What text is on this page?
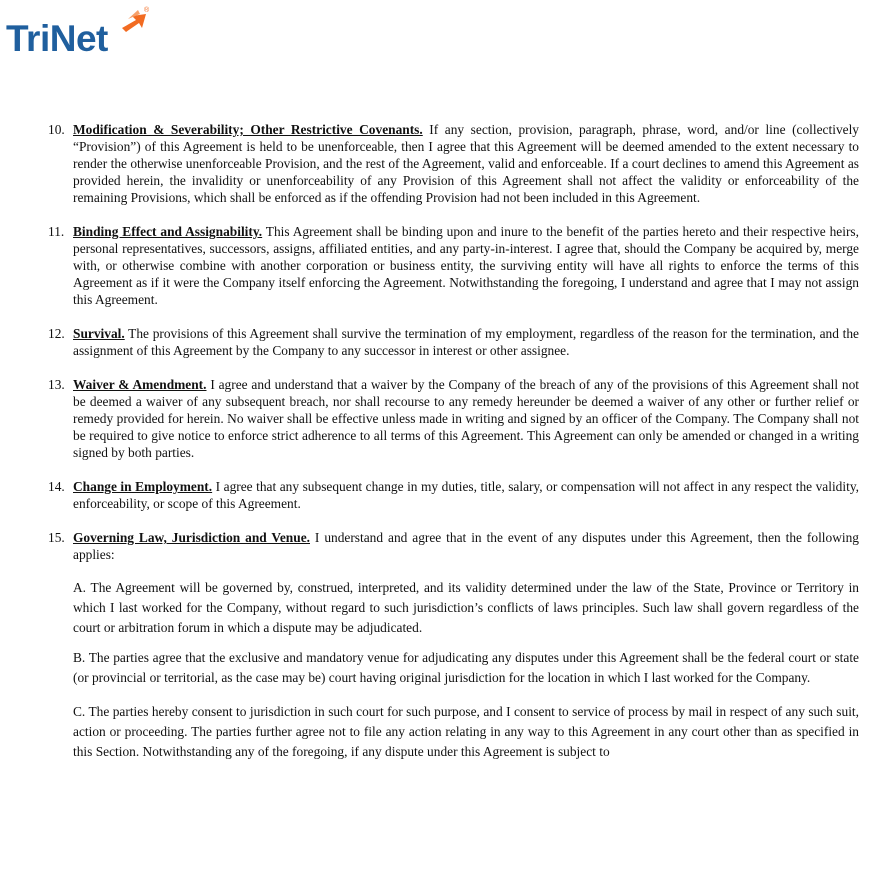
TriNet
®
10. Modification & Severability; Other Restrictive Covenants. If any section, provision, paragraph, phrase, word, and/or line (collectively “Provision”) of this Agreement is held to be unenforceable, then I agree that this Agreement will be deemed amended to the extent necessary to render the otherwise unenforceable Provision, and the rest of the Agreement, valid and enforceable. If a court declines to amend this Agreement as provided herein, the invalidity or unenforceability of any Provision of this Agreement shall not affect the validity or enforceability of the remaining Provisions, which shall be enforced as if the offending Provision had not been included in this Agreement.
11. Binding Effect and Assignability. This Agreement shall be binding upon and inure to the benefit of the parties hereto and their respective heirs, personal representatives, successors, assigns, affiliated entities, and any party-in-interest. I agree that, should the Company be acquired by, merge with, or otherwise combine with another corporation or business entity, the surviving entity will have all rights to enforce the terms of this Agreement as if it were the Company itself enforcing the Agreement. Notwithstanding the foregoing, I understand and agree that I may not assign this Agreement.
12. Survival. The provisions of this Agreement shall survive the termination of my employment, regardless of the reason for the termination, and the assignment of this Agreement by the Company to any successor in interest or other assignee.
13. Waiver & Amendment. I agree and understand that a waiver by the Company of the breach of any of the provisions of this Agreement shall not be deemed a waiver of any subsequent breach, nor shall recourse to any remedy hereunder be deemed a waiver of any other or further relief or remedy provided for herein. No waiver shall be effective unless made in writing and signed by an officer of the Company. The Company shall not be required to give notice to enforce strict adherence to all terms of this Agreement. This Agreement can only be amended or changed in a writing signed by both parties.
14. Change in Employment. I agree that any subsequent change in my duties, title, salary, or compensation will not affect in any respect the validity, enforceability, or scope of this Agreement.
15. Governing Law, Jurisdiction and Venue. I understand and agree that in the event of any disputes under this Agreement, then the following applies:

A. The Agreement will be governed by, construed, interpreted, and its validity determined under the law of the State, Province or Territory in which I last worked for the Company, without regard to such jurisdiction’s conflicts of laws principles. Such law shall govern regardless of the court or arbitration forum in which a dispute may be adjudicated.

B. The parties agree that the exclusive and mandatory venue for adjudicating any disputes under this Agreement shall be the federal court or state (or provincial or territorial, as the case may be) court having original jurisdiction for the location in which I last worked for the Company.

C. The parties hereby consent to jurisdiction in such court for such purpose, and I consent to service of process by mail in respect of any such suit, action or proceeding. The parties further agree not to file any action relating in any way to this Agreement in any court other than as specified in this Section. Notwithstanding any of the foregoing, if any dispute under this Agreement is subject to
